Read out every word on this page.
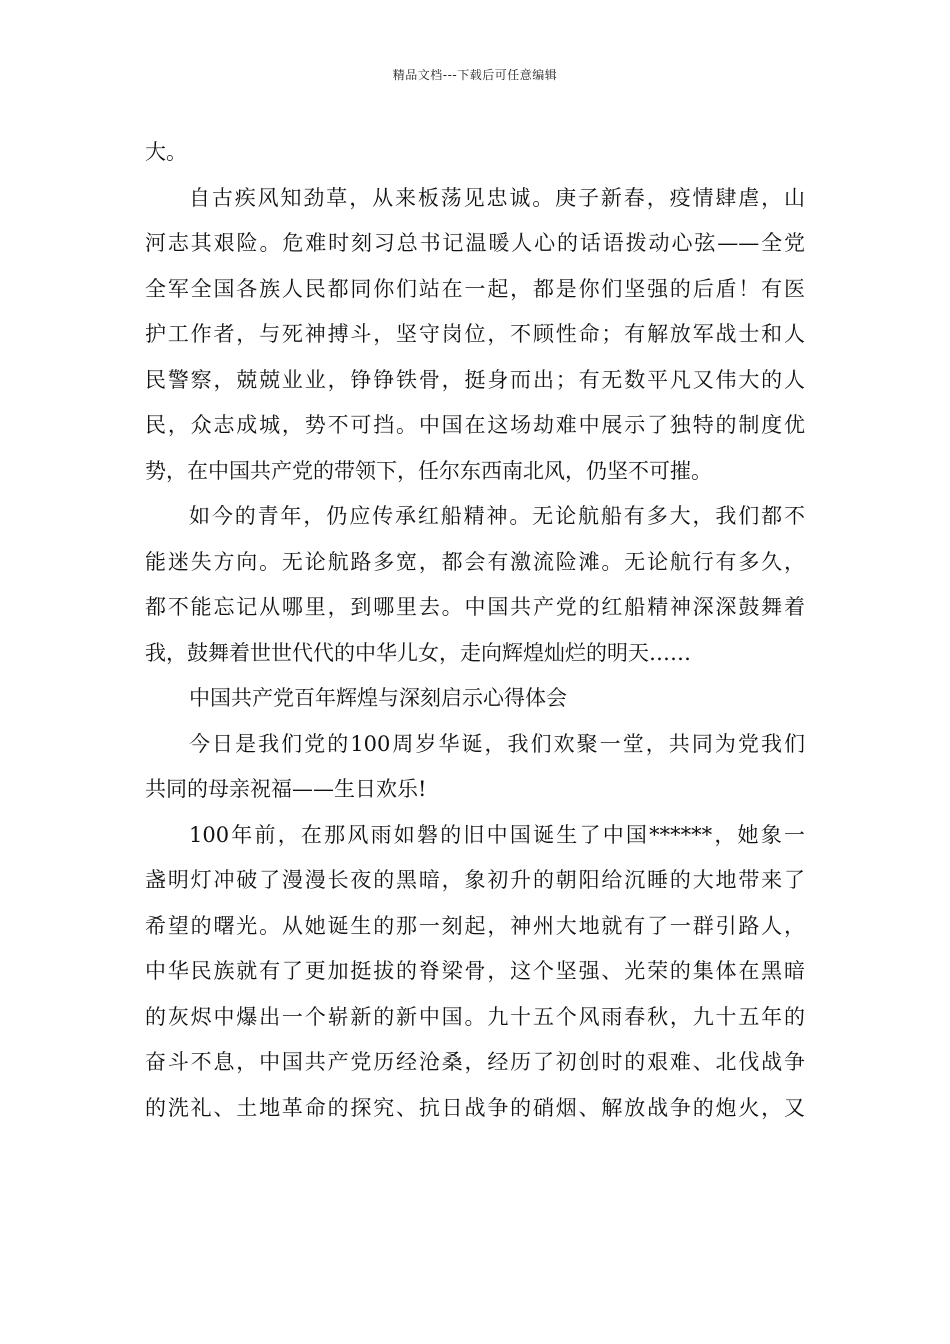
精品文档---下载后可任意编辑
大。
自古疾风知劲草，从来板荡见忠诚。庚子新春，疫情肆虐，山
河志其艰险。危难时刻习总书记温暖人心的话语拨动心弦——全党
全军全国各族人民都同你们站在一起，都是你们坚强的后盾！有医
护工作者，与死神搏斗，坚守岗位，不顾性命；有解放军战士和人
民警察，兢兢业业，铮铮铁骨，挺身而出；有无数平凡又伟大的人
民，众志成城，势不可挡。中国在这场劫难中展示了独特的制度优
势，在中国共产党的带领下，任尔东西南北风，仍坚不可摧。
如今的青年，仍应传承红船精神。无论航船有多大，我们都不
能迷失方向。无论航路多宽，都会有激流险滩。无论航行有多久，
都不能忘记从哪里，到哪里去。中国共产党的红船精神深深鼓舞着
我，鼓舞着世世代代的中华儿女，走向辉煌灿烂的明天……
中国共产党百年辉煌与深刻启示心得体会
今日是我们党的100周岁华诞，我们欢聚一堂，共同为党我们
共同的母亲祝福——生日欢乐!
100年前，在那风雨如磐的旧中国诞生了中国******，她象一
盏明灯冲破了漫漫长夜的黑暗，象初升的朝阳给沉睡的大地带来了
希望的曙光。从她诞生的那一刻起，神州大地就有了一群引路人，
中华民族就有了更加挺拔的脊梁骨，这个坚强、光荣的集体在黑暗
的灰烬中爆出一个崭新的新中国。九十五个风雨春秋，九十五年的
奋斗不息，中国共产党历经沧桑，经历了初创时的艰难、北伐战争
的洗礼、土地革命的探究、抗日战争的硝烟、解放战争的炮火，又
